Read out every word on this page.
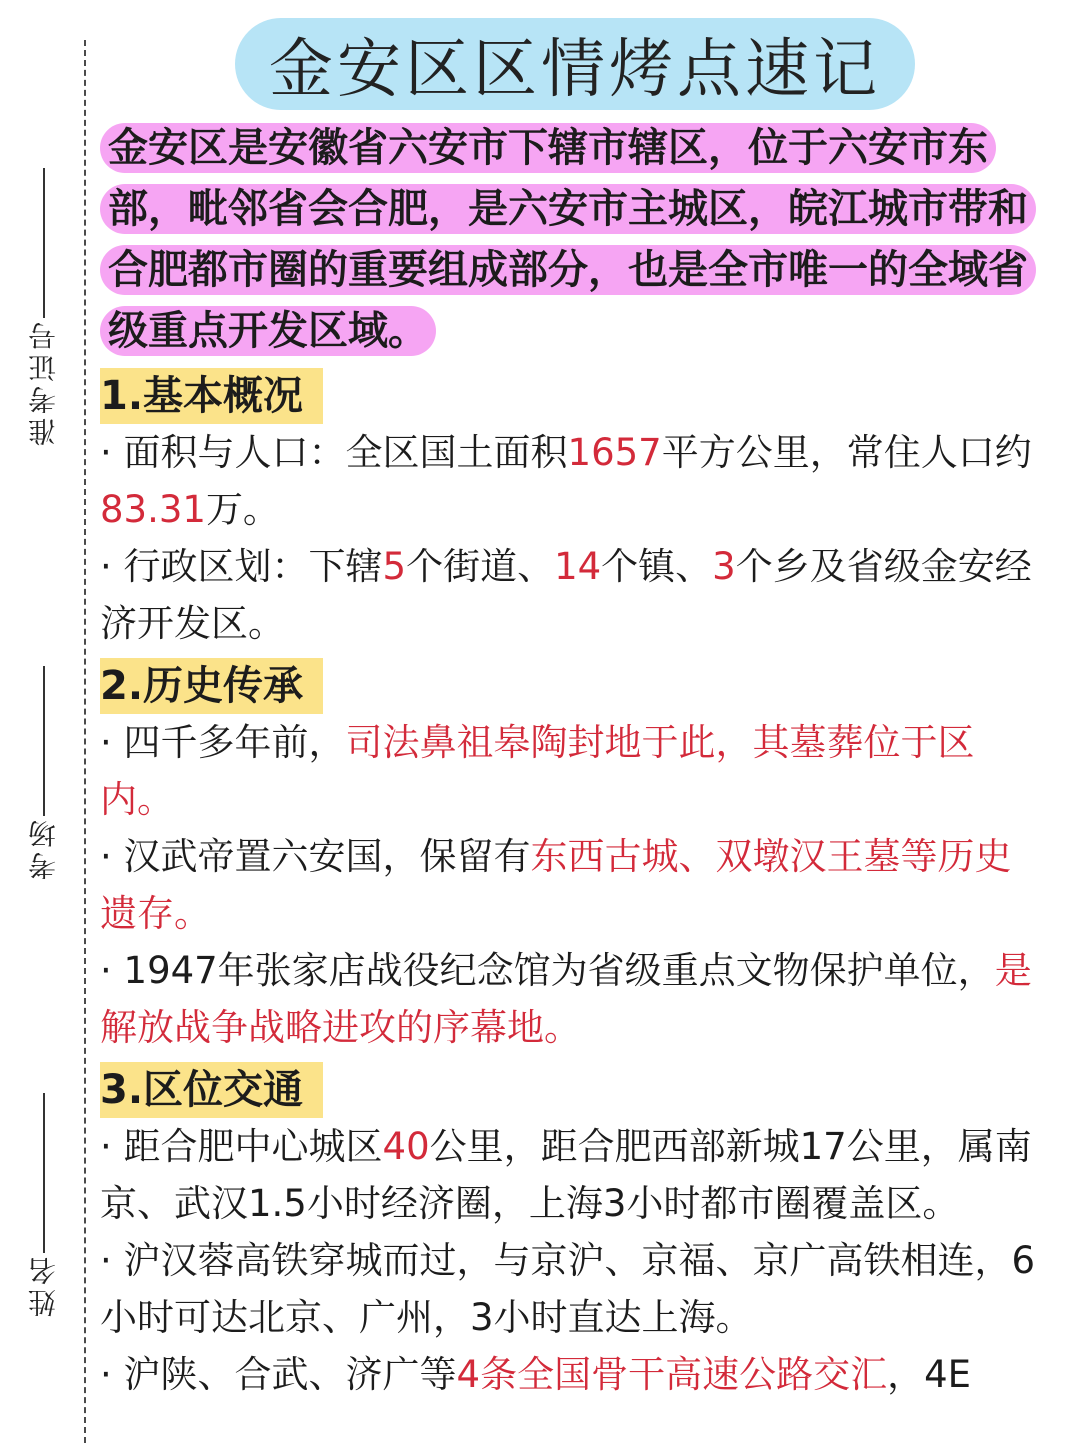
准考证号
考场
姓名
金安区区情烤点速记
金安区是安徽省六安市下辖市辖区，位于六安市东部，毗邻省会合肥，是六安市主城区，皖江城市带和合肥都市圈的重要组成部分，也是全市唯一的全域省级重点开发区域。
1.基本概况

· 面积与人口：全区国土面积1657平方公里，常住人口约83.31万。

· 行政区划：下辖5个街道、14个镇、3个乡及省级金安经济开发区。

2.历史传承

· 四千多年前，司法鼻祖皋陶封地于此，其墓葬位于区内。

· 汉武帝置六安国，保留有东西古城、双墩汉王墓等历史遗存。

· 1947年张家店战役纪念馆为省级重点文物保护单位，是解放战争战略进攻的序幕地。

3.区位交通

· 距合肥中心城区40公里，距合肥西部新城17公里，属南京、武汉1.5小时经济圈，上海3小时都市圈覆盖区。

· 沪汉蓉高铁穿城而过，与京沪、京福、京广高铁相连，6小时可达北京、广州，3小时直达上海。

· 沪陕、合武、济广等4条全国骨干高速公路交汇，4E
